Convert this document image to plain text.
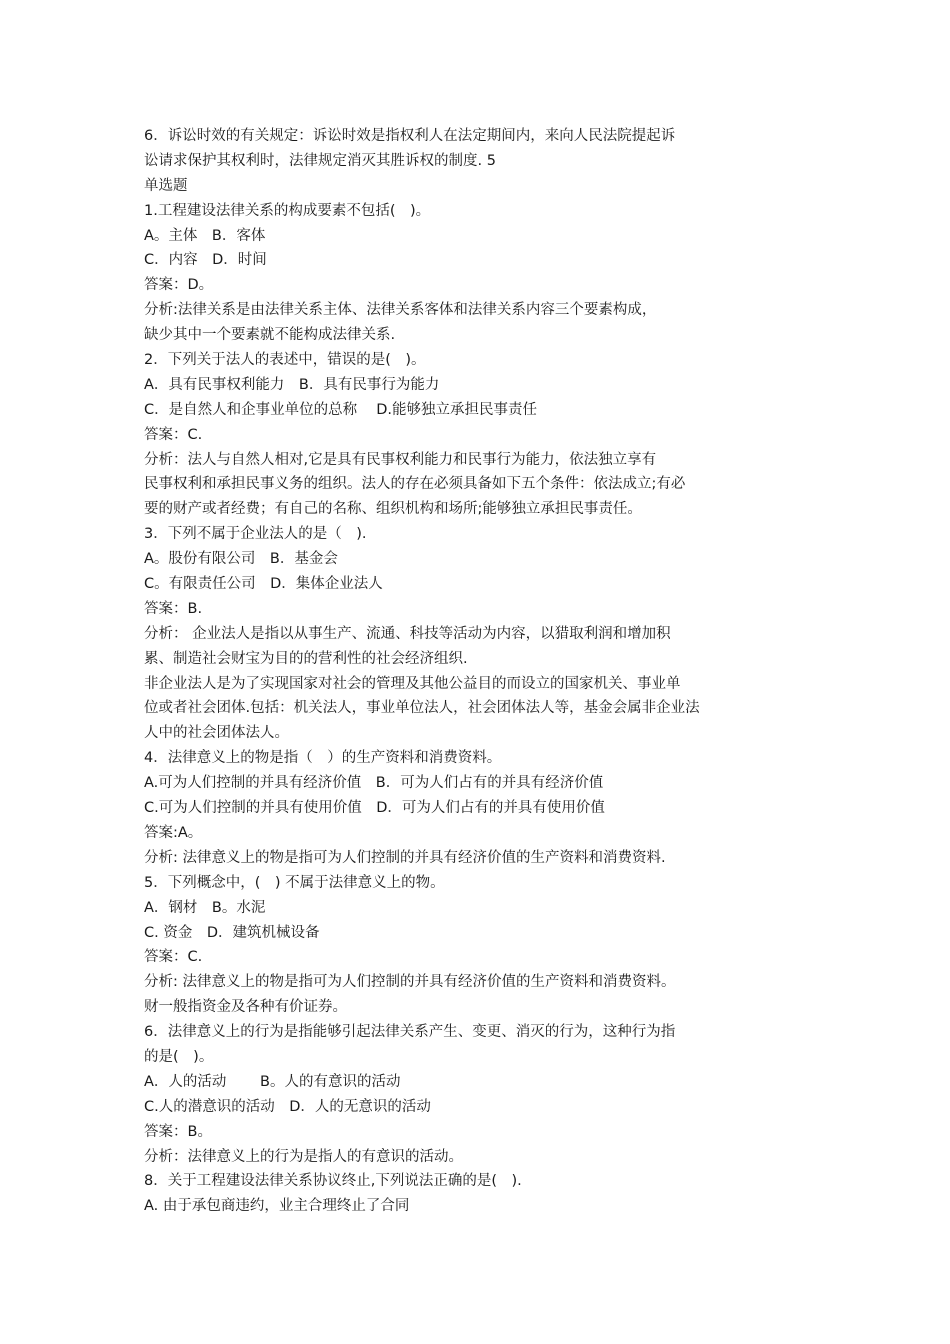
6．诉讼时效的有关规定：诉讼时效是指权利人在法定期间内，来向人民法院提起诉
讼请求保护其权利时，法律规定消灭其胜诉权的制度. 5
单选题
1.工程建设法律关系的构成要素不包括(　)。
A。主体　B．客体
C．内容　D．时间
答案：D。
分析:法律关系是由法律关系主体、法律关系客体和法律关系内容三个要素构成，
缺少其中一个要素就不能构成法律关系.
2．下列关于法人的表述中，错误的是(　)。
A．具有民事权利能力　B．具有民事行为能力
C．是自然人和企事业单位的总称　 D.能够独立承担民事责任
答案：C.
分析：法人与自然人相对,它是具有民事权利能力和民事行为能力，依法独立享有
民事权利和承担民事义务的组织。法人的存在必须具备如下五个条件：依法成立;有必
要的财产或者经费；有自己的名称、组织机构和场所;能够独立承担民事责任。
3．下列不属于企业法人的是（　).
A。股份有限公司　B．基金会
C。有限责任公司　D．集体企业法人
答案：B.
分析： 企业法人是指以从事生产、流通、科技等活动为内容，以猎取利润和增加积
累、制造社会财宝为目的的营利性的社会经济组织.
非企业法人是为了实现国家对社会的管理及其他公益目的而设立的国家机关、事业单
位或者社会团体.包括：机关法人，事业单位法人，社会团体法人等，基金会属非企业法
人中的社会团体法人。
4．法律意义上的物是指（　）的生产资料和消费资料。
A.可为人们控制的并具有经济价值　B．可为人们占有的并具有经济价值
C.可为人们控制的并具有使用价值　D．可为人们占有的并具有使用价值
答案:A。
分析: 法律意义上的物是指可为人们控制的并具有经济价值的生产资料和消费资料.
5．下列概念中，(　) 不属于法律意义上的物。
A．钢材　B。水泥
C. 资金　D．建筑机械设备
答案：C.
分析: 法律意义上的物是指可为人们控制的并具有经济价值的生产资料和消费资料。
财一般指资金及各种有价证券。
6．法律意义上的行为是指能够引起法律关系产生、变更、消灭的行为，这种行为指
的是(　)。
A．人的活动　　 B。人的有意识的活动
C.人的潜意识的活动　D．人的无意识的活动
答案：B。
分析：法律意义上的行为是指人的有意识的活动。
8．关于工程建设法律关系协议终止,下列说法正确的是(　).
A. 由于承包商违约，业主合理终止了合同
